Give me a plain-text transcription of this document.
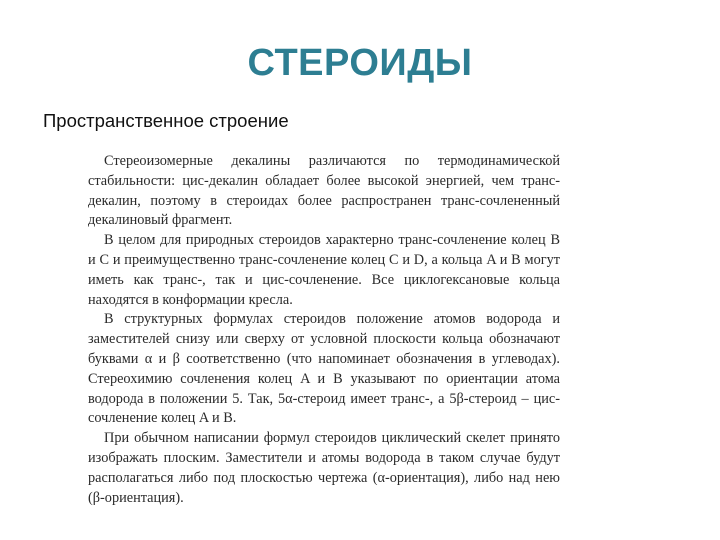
СТЕРОИДЫ
Пространственное строение

Стереоизомерные декалины различаются по термодинамической стабильности: цис-декалин обладает более высокой энергией, чем транс-декалин, поэтому в стероидах более распространен транс-сочлененный декалиновый фрагмент.

В целом для природных стероидов характерно транс-сочленение колец B и C и преимущественно транс-сочленение колец C и D, а кольца A и B могут иметь как транс-, так и цис-сочленение. Все циклогексановые кольца находятся в конформации кресла.

В структурных формулах стероидов положение атомов водорода и заместителей снизу или сверху от условной плоскости кольца обозначают буквами α и β соответственно (что напоминает обозначения в углеводах). Стереохимию сочленения колец A и B указывают по ориентации атома водорода в положении 5. Так, 5α-стероид имеет транс-, а 5β-стероид – цис-сочленение колец A и B.

При обычном написании формул стероидов циклический скелет принято изображать плоским. Заместители и атомы водорода в таком случае будут располагаться либо под плоскостью чертежа (α-ориентация), либо над нею (β-ориентация).
